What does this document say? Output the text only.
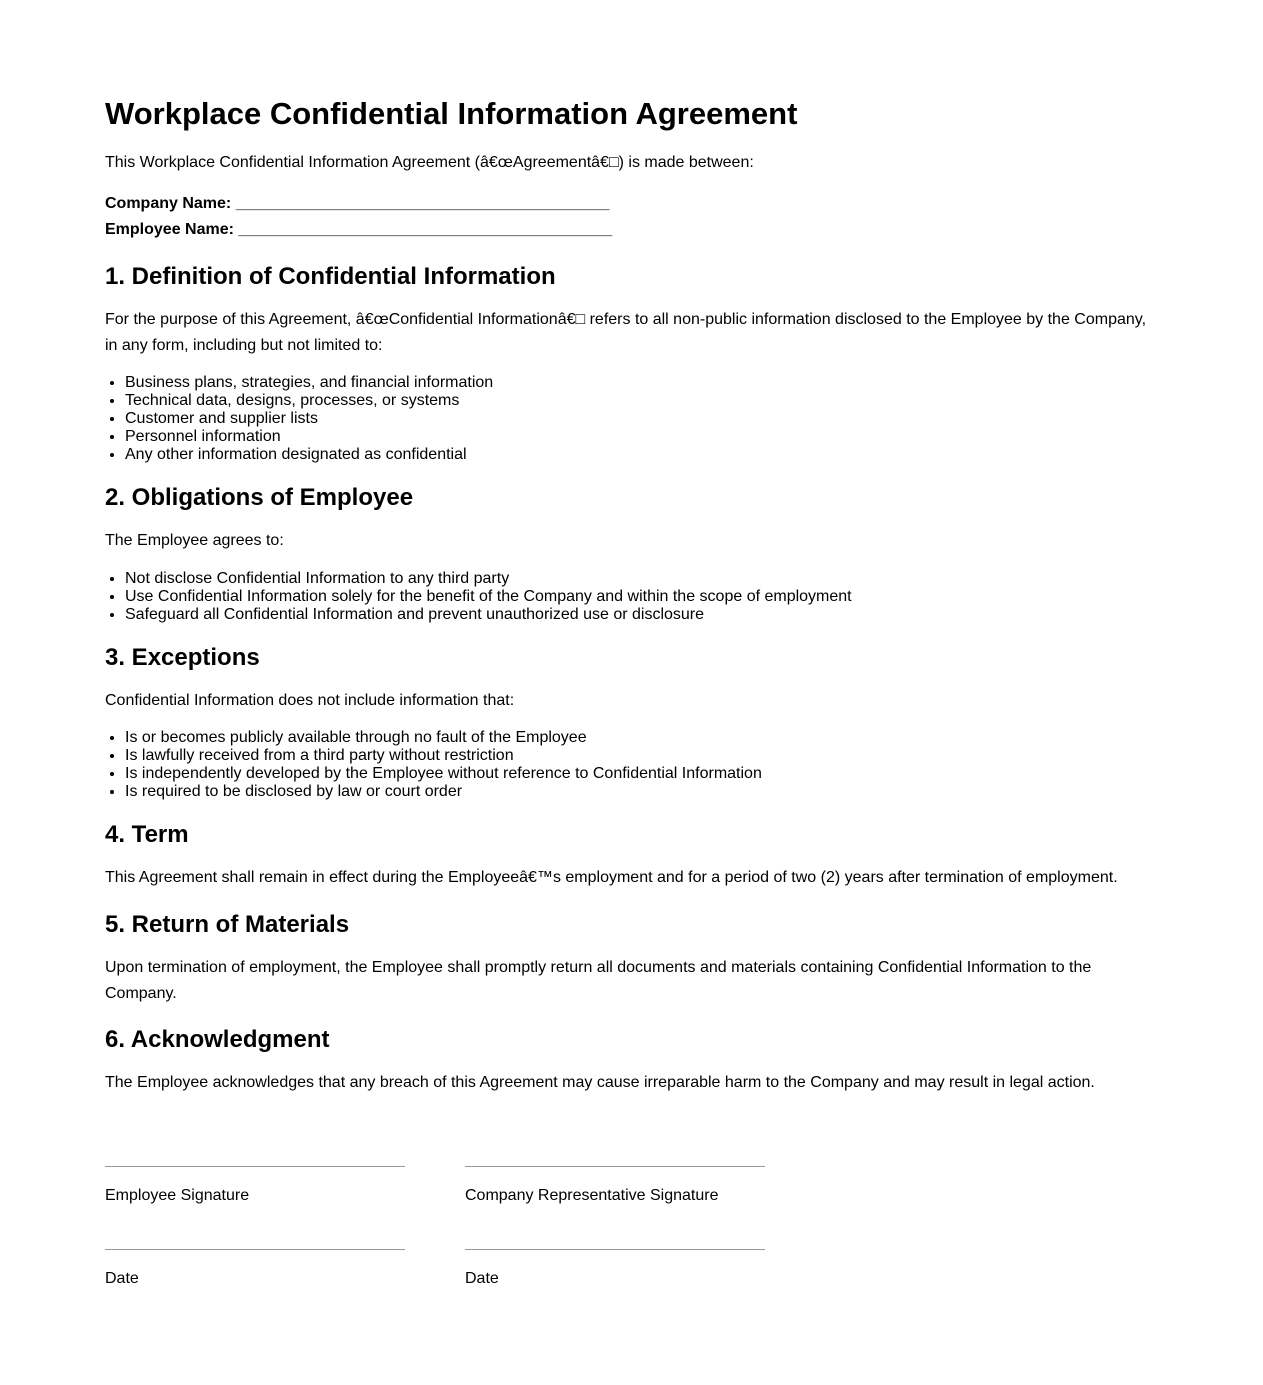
Workplace Confidential Information Agreement
This Workplace Confidential Information Agreement (â€œAgreementâ€□) is made between:
Company Name: __________________________________________
Employee Name: __________________________________________
1. Definition of Confidential Information
For the purpose of this Agreement, â€œConfidential Informationâ€□ refers to all non-public information disclosed to the Employee by the Company, in any form, including but not limited to:
• Business plans, strategies, and financial information
• Technical data, designs, processes, or systems
• Customer and supplier lists
• Personnel information
• Any other information designated as confidential
2. Obligations of Employee
The Employee agrees to:
• Not disclose Confidential Information to any third party
• Use Confidential Information solely for the benefit of the Company and within the scope of employment
• Safeguard all Confidential Information and prevent unauthorized use or disclosure
3. Exceptions
Confidential Information does not include information that:
• Is or becomes publicly available through no fault of the Employee
• Is lawfully received from a third party without restriction
• Is independently developed by the Employee without reference to Confidential Information
• Is required to be disclosed by law or court order
4. Term
This Agreement shall remain in effect during the Employeeâ€™s employment and for a period of two (2) years after termination of employment.
5. Return of Materials
Upon termination of employment, the Employee shall promptly return all documents and materials containing Confidential Information to the Company.
6. Acknowledgment
The Employee acknowledges that any breach of this Agreement may cause irreparable harm to the Company and may result in legal action.
Employee Signature	Company Representative Signature
Date	Date
